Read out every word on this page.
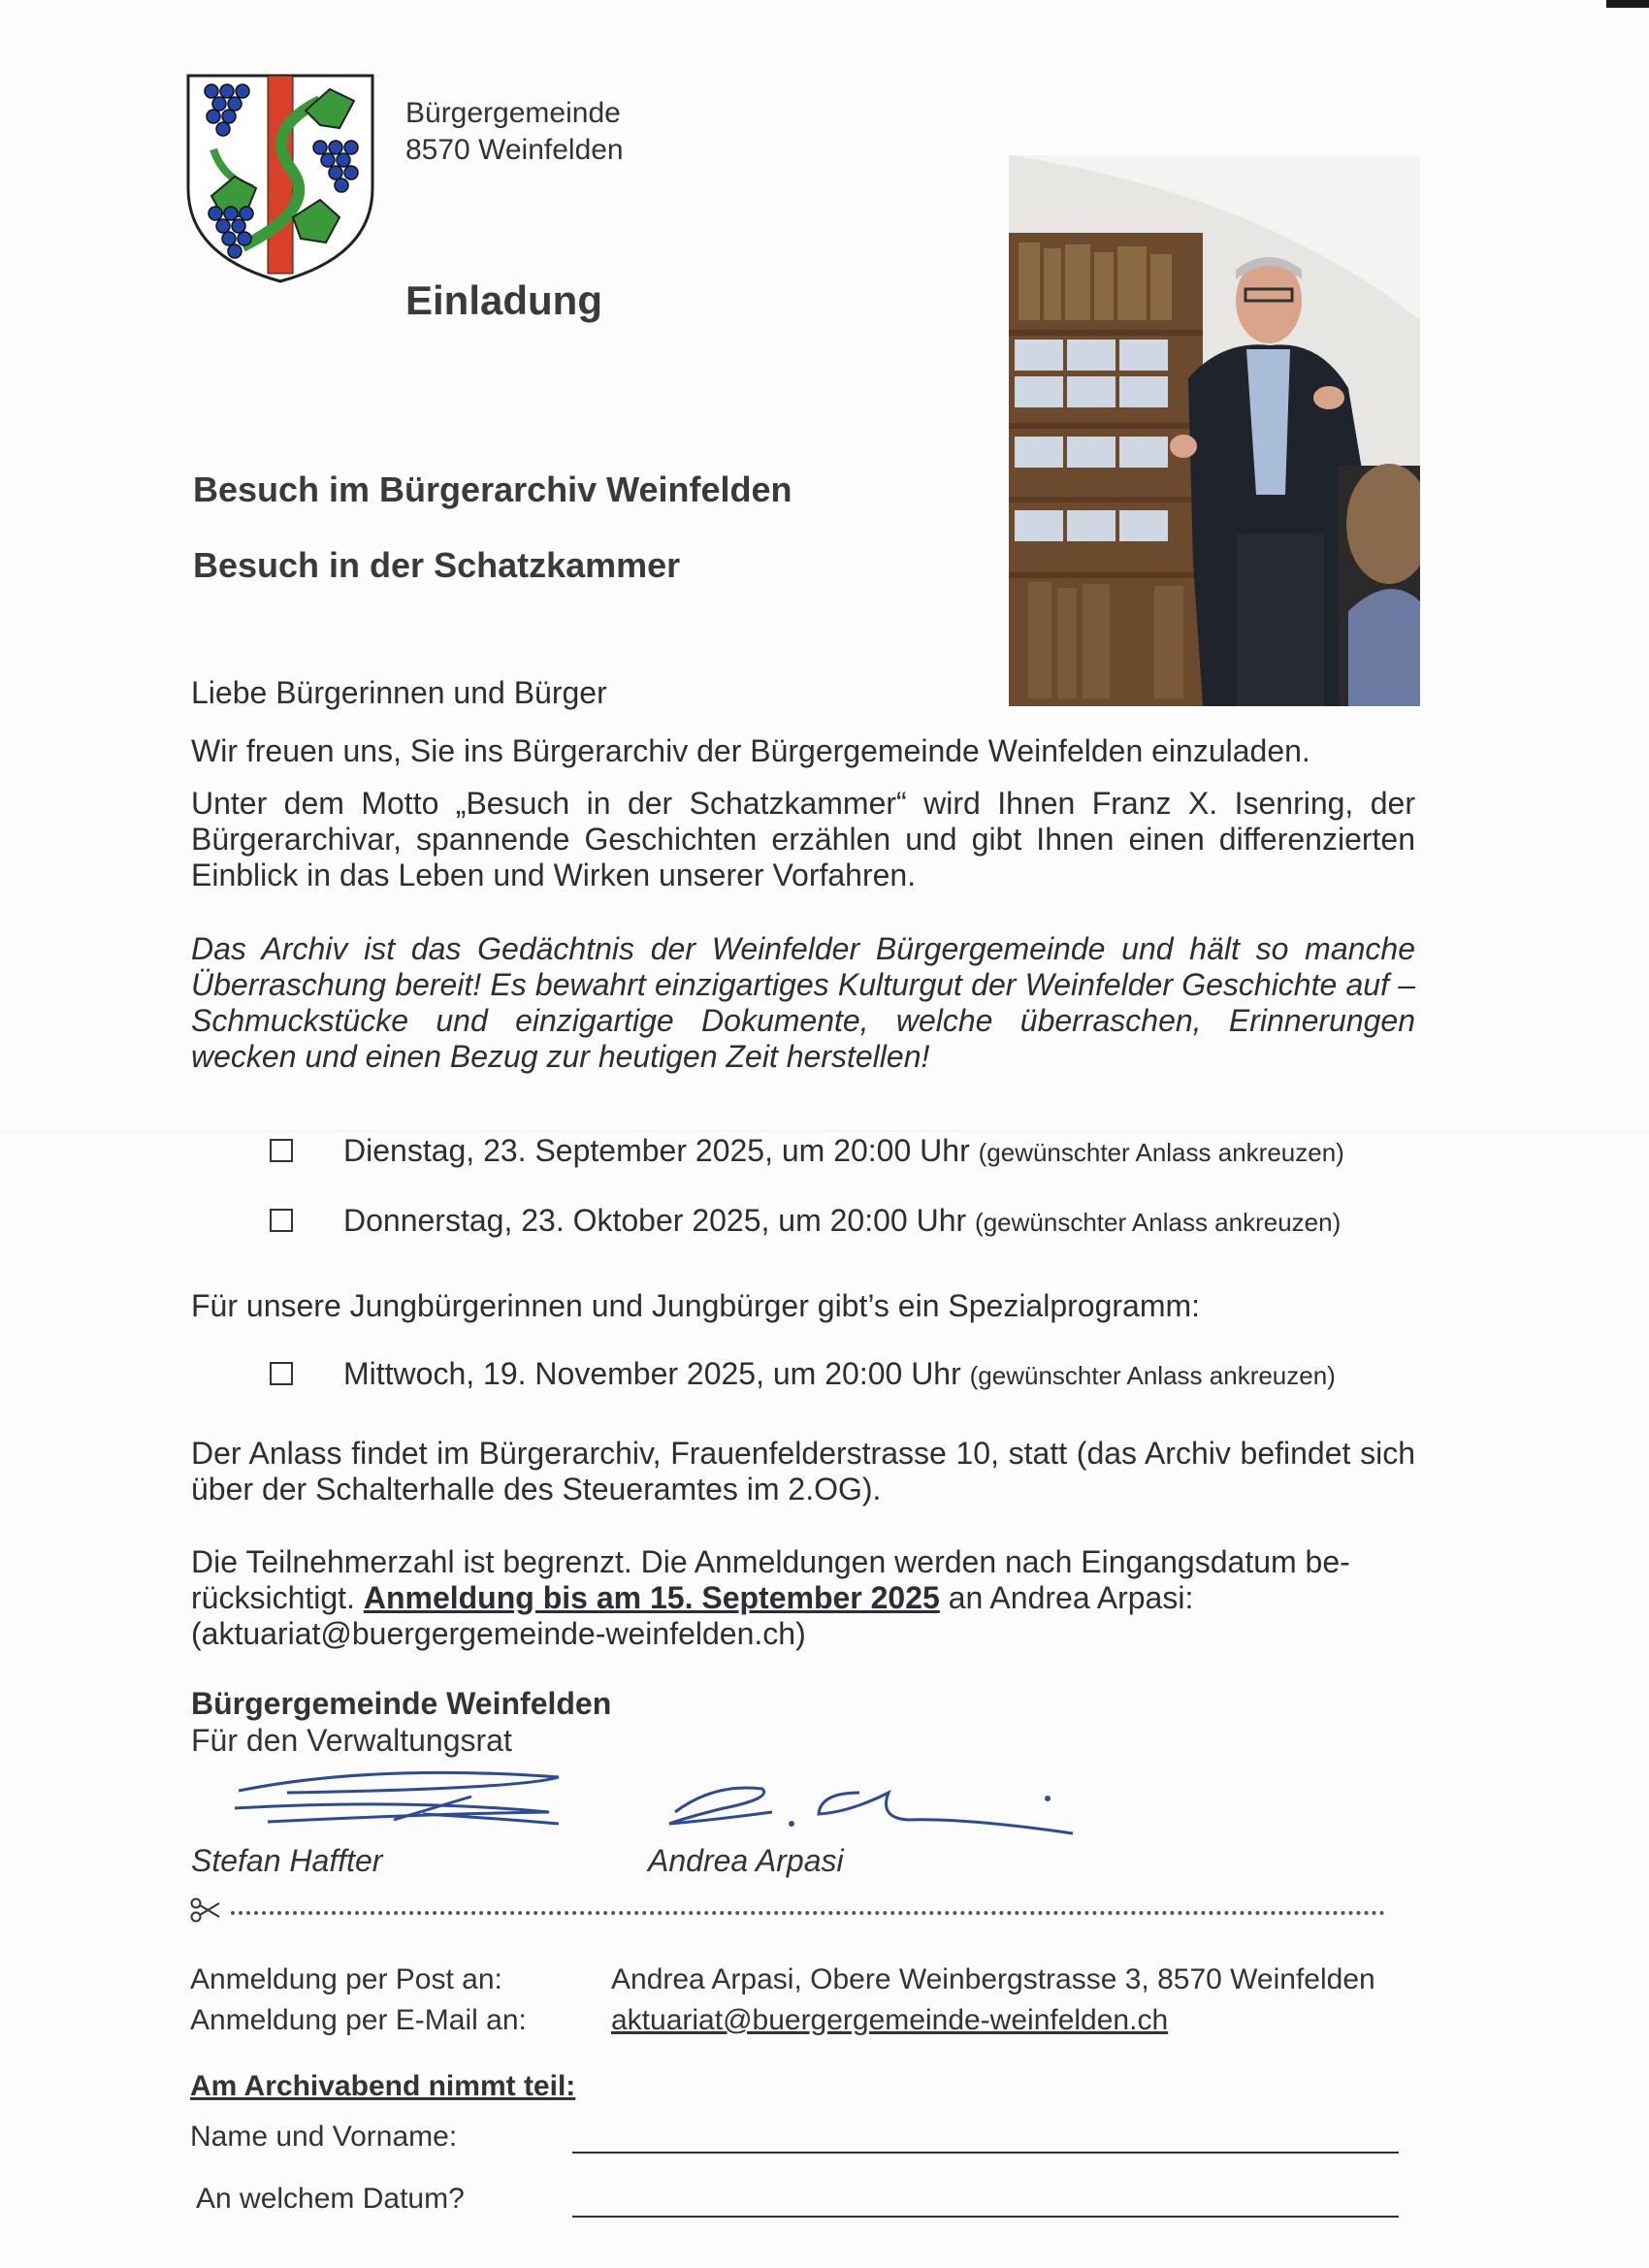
Bürgergemeinde
8570 Weinfelden
Einladung
Besuch im Bürgerarchiv Weinfelden
Besuch in der Schatzkammer
Liebe Bürgerinnen und Bürger
Wir freuen uns, Sie ins Bürgerarchiv der Bürgergemeinde Weinfelden einzuladen.
Unter dem Motto „Besuch in der Schatzkammer“ wird Ihnen Franz X. Isenring, der Bürgerarchivar, spannende Geschichten erzählen und gibt Ihnen einen differenzierten Einblick in das Leben und Wirken unserer Vorfahren.
Das Archiv ist das Gedächtnis der Weinfelder Bürgergemeinde und hält so manche Überraschung bereit! Es bewahrt einzigartiges Kulturgut der Weinfelder Geschichte auf – Schmuckstücke und einzigartige Dokumente, welche überraschen, Erinnerungen wecken und einen Bezug zur heutigen Zeit herstellen!
Dienstag, 23. September 2025, um 20:00 Uhr (gewünschter Anlass ankreuzen)
Donnerstag, 23. Oktober 2025, um 20:00 Uhr (gewünschter Anlass ankreuzen)
Für unsere Jungbürgerinnen und Jungbürger gibt’s ein Spezialprogramm:
Mittwoch, 19. November 2025, um 20:00 Uhr (gewünschter Anlass ankreuzen)
Der Anlass findet im Bürgerarchiv, Frauenfelderstrasse 10, statt (das Archiv befindet sich über der Schalterhalle des Steueramtes im 2.OG).
Die Teilnehmerzahl ist begrenzt. Die Anmeldungen werden nach Eingangsdatum be-
rücksichtigt. Anmeldung bis am 15. September 2025 an Andrea Arpasi:
(aktuariat@buergergemeinde-weinfelden.ch)
Bürgergemeinde Weinfelden
Für den Verwaltungsrat
Stefan Haffter	Andrea Arpasi
Anmeldung per Post an:	Andrea Arpasi, Obere Weinbergstrasse 3, 8570 Weinfelden
Anmeldung per E-Mail an:	aktuariat@buergergemeinde-weinfelden.ch
Am Archivabend nimmt teil:
Name und Vorname:
An welchem Datum?
